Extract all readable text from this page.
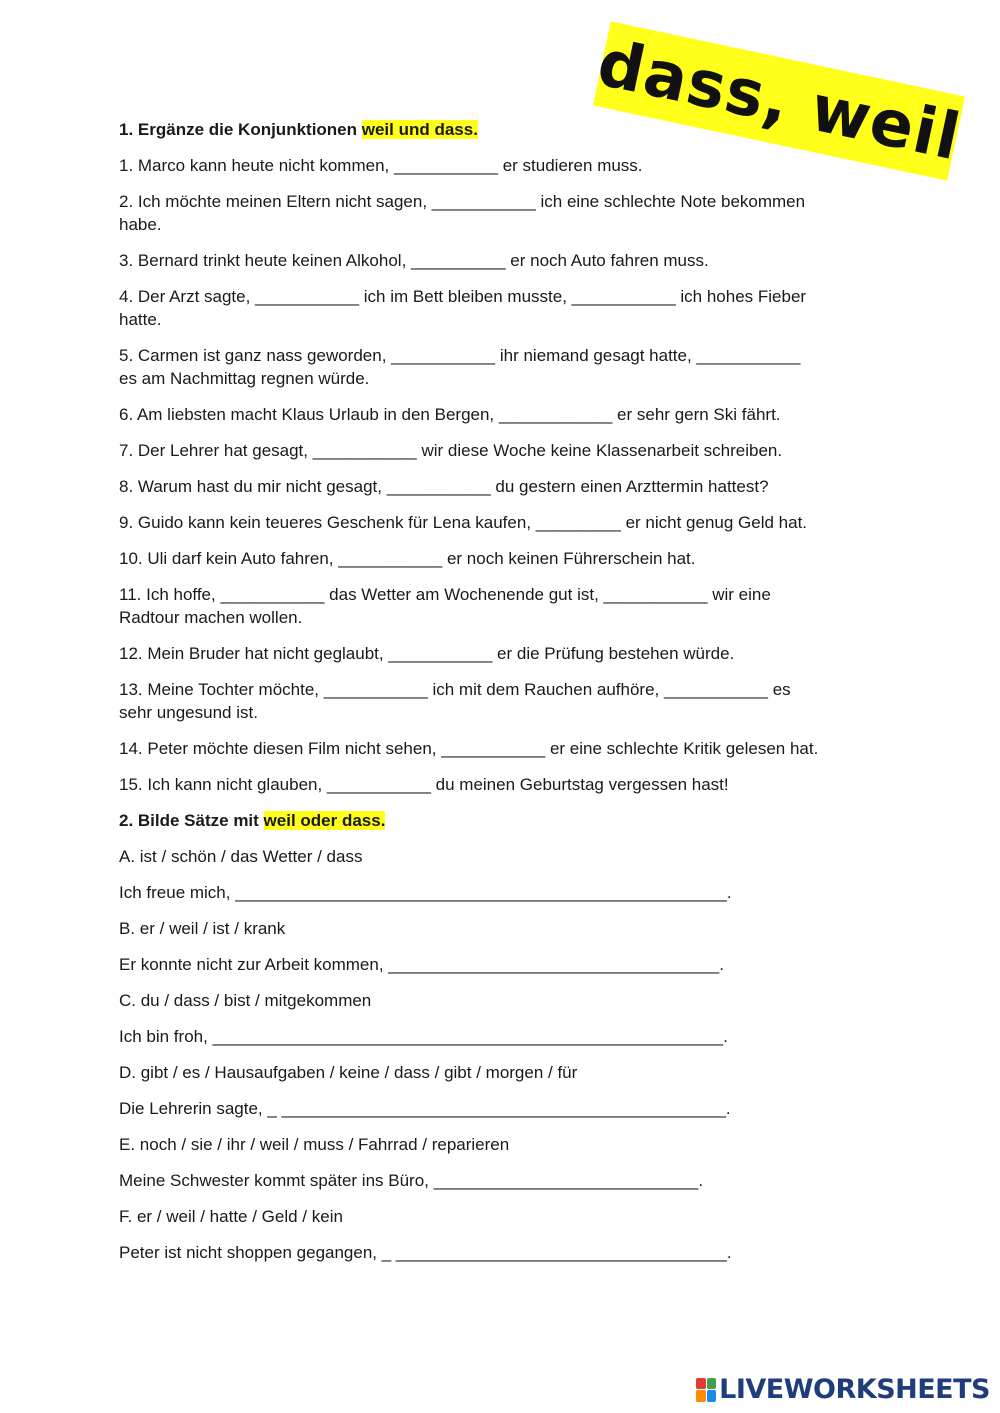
dass, weil
1. Ergänze die Konjunktionen weil und dass.
1. Marco kann heute nicht kommen, ___________ er studieren muss.
2. Ich möchte meinen Eltern nicht sagen, ___________ ich eine schlechte Note bekommen
habe.
3. Bernard trinkt heute keinen Alkohol, __________ er noch Auto fahren muss.
4. Der Arzt sagte, ___________ ich im Bett bleiben musste, ___________ ich hohes Fieber
hatte.
5. Carmen ist ganz nass geworden, ___________ ihr niemand gesagt hatte, ___________
es am Nachmittag regnen würde.
6. Am liebsten macht Klaus Urlaub in den Bergen, ____________ er sehr gern Ski fährt.
7. Der Lehrer hat gesagt, ___________ wir diese Woche keine Klassenarbeit schreiben.
8. Warum hast du mir nicht gesagt, ___________ du gestern einen Arzttermin hattest?
9. Guido kann kein teueres Geschenk für Lena kaufen, _________ er nicht genug Geld hat.
10. Uli darf kein Auto fahren, ___________ er noch keinen Führerschein hat.
11. Ich hoffe, ___________ das Wetter am Wochenende gut ist, ___________ wir eine
Radtour machen wollen.
12. Mein Bruder hat nicht geglaubt, ___________ er die Prüfung bestehen würde.
13. Meine Tochter möchte, ___________ ich mit dem Rauchen aufhöre, ___________ es
sehr ungesund ist.
14. Peter möchte diesen Film nicht sehen, ___________ er eine schlechte Kritik gelesen hat.
15. Ich kann nicht glauben, ___________ du meinen Geburtstag vergessen hast!
2. Bilde Sätze mit weil oder dass.
A. ist / schön / das Wetter / dass
Ich freue mich, ____________________________________________________.
B. er / weil / ist / krank
Er konnte nicht zur Arbeit kommen, ___________________________________.
C. du / dass / bist / mitgekommen
Ich bin froh, ______________________________________________________.
D. gibt / es / Hausaufgaben / keine / dass / gibt / morgen / für
Die Lehrerin sagte, _ _______________________________________________.
E. noch / sie / ihr / weil / muss / Fahrrad / reparieren
Meine Schwester kommt später ins Büro, ____________________________.
F. er / weil / hatte / Geld / kein
Peter ist nicht shoppen gegangen, _ ___________________________________.
LIVEWORKSHEETS
